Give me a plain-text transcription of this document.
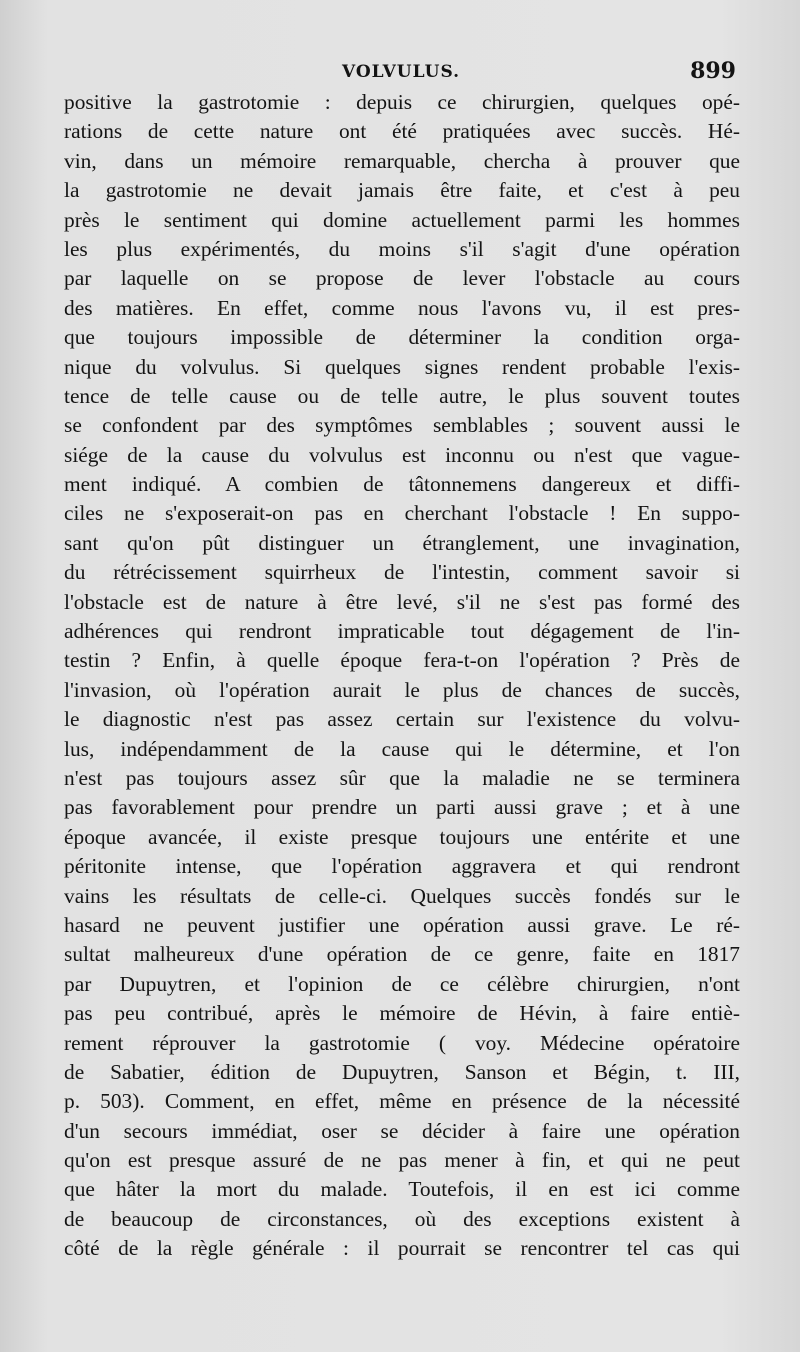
VOLVULUS.	899
positive la gastrotomie : depuis ce chirurgien, quelques opé-
rations de cette nature ont été pratiquées avec succès. Hé-
vin, dans un mémoire remarquable, chercha à prouver que
la gastrotomie ne devait jamais être faite, et c'est à peu
près le sentiment qui domine actuellement parmi les hommes
les plus expérimentés, du moins s'il s'agit d'une opération
par laquelle on se propose de lever l'obstacle au cours
des matières. En effet, comme nous l'avons vu, il est pres-
que toujours impossible de déterminer la condition orga-
nique du volvulus. Si quelques signes rendent probable l'exis-
tence de telle cause ou de telle autre, le plus souvent toutes
se confondent par des symptômes semblables ; souvent aussi le
siége de la cause du volvulus est inconnu ou n'est que vague-
ment indiqué. A combien de tâtonnemens dangereux et diffi-
ciles ne s'exposerait-on pas en cherchant l'obstacle ! En suppo-
sant qu'on pût distinguer un étranglement, une invagination,
du rétrécissement squirrheux de l'intestin, comment savoir si
l'obstacle est de nature à être levé, s'il ne s'est pas formé des
adhérences qui rendront impraticable tout dégagement de l'in-
testin ? Enfin, à quelle époque fera-t-on l'opération ? Près de
l'invasion, où l'opération aurait le plus de chances de succès,
le diagnostic n'est pas assez certain sur l'existence du volvu-
lus, indépendamment de la cause qui le détermine, et l'on
n'est pas toujours assez sûr que la maladie ne se terminera
pas favorablement pour prendre un parti aussi grave ; et à une
époque avancée, il existe presque toujours une entérite et une
péritonite intense, que l'opération aggravera et qui rendront
vains les résultats de celle-ci. Quelques succès fondés sur le
hasard ne peuvent justifier une opération aussi grave. Le ré-
sultat malheureux d'une opération de ce genre, faite en 1817
par Dupuytren, et l'opinion de ce célèbre chirurgien, n'ont
pas peu contribué, après le mémoire de Hévin, à faire entiè-
rement réprouver la gastrotomie ( voy. Médecine opératoire
de Sabatier, édition de Dupuytren, Sanson et Bégin, t. III,
p. 503). Comment, en effet, même en présence de la nécessité
d'un secours immédiat, oser se décider à faire une opération
qu'on est presque assuré de ne pas mener à fin, et qui ne peut
que hâter la mort du malade. Toutefois, il en est ici comme
de beaucoup de circonstances, où des exceptions existent à
côté de la règle générale : il pourrait se rencontrer tel cas qui
